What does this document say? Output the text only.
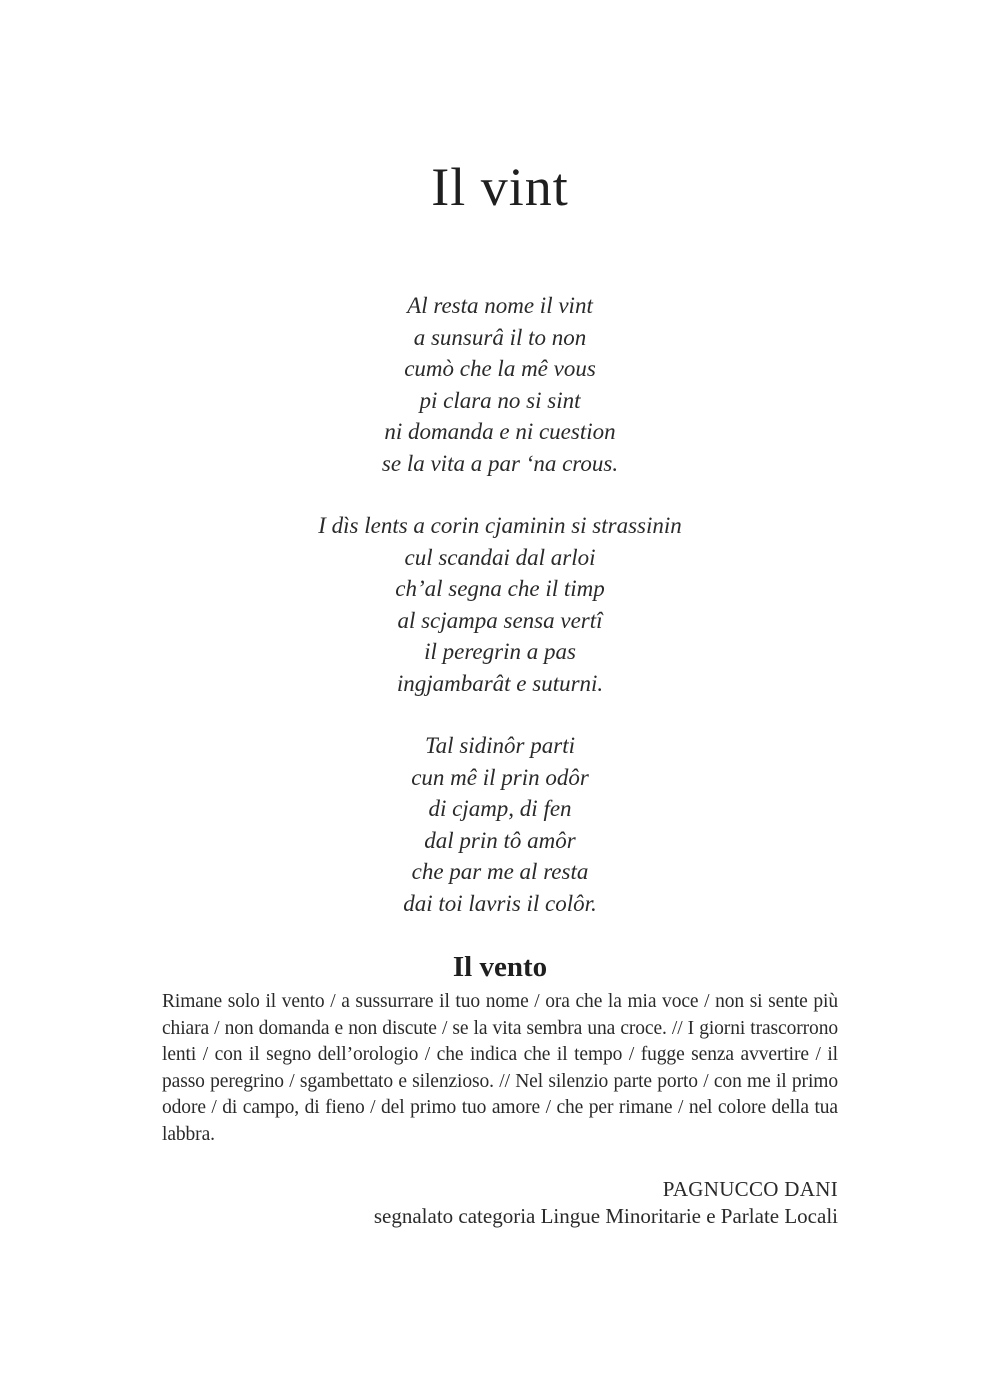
Il vint
Al resta nome il vint
a sunsurâ il to non
cumò che la mê vous
pi clara no si sint
ni domanda e ni cuestion
se la vita a par ‘na crous.
I dìs lents a corin cjaminin si strassinin
cul scandai dal arloi
ch’al segna che il timp
al scjampa sensa vertî
il peregrin a pas
ingjambarât e suturni.
Tal sidinôr parti
cun mê il prin odôr
di cjamp, di fen
dal prin tô amôr
che par me al resta
dai toi lavris il colôr.
Il vento

Rimane solo il vento / a sussurrare il tuo nome / ora che la mia voce / non si sente più chiara / non domanda e non discute / se la vita sembra una croce. // I giorni trascorrono lenti / con il segno dell’orologio / che indica che il tempo / fugge senza avvertire / il passo peregrino / sgambettato e silenzioso. // Nel silenzio parte porto / con me il primo odore / di campo, di fieno / del primo tuo amore / che per rimane / nel colore della tua labbra.

PAGNUCCO DANI
segnalato categoria Lingue Minoritarie e Parlate Locali
